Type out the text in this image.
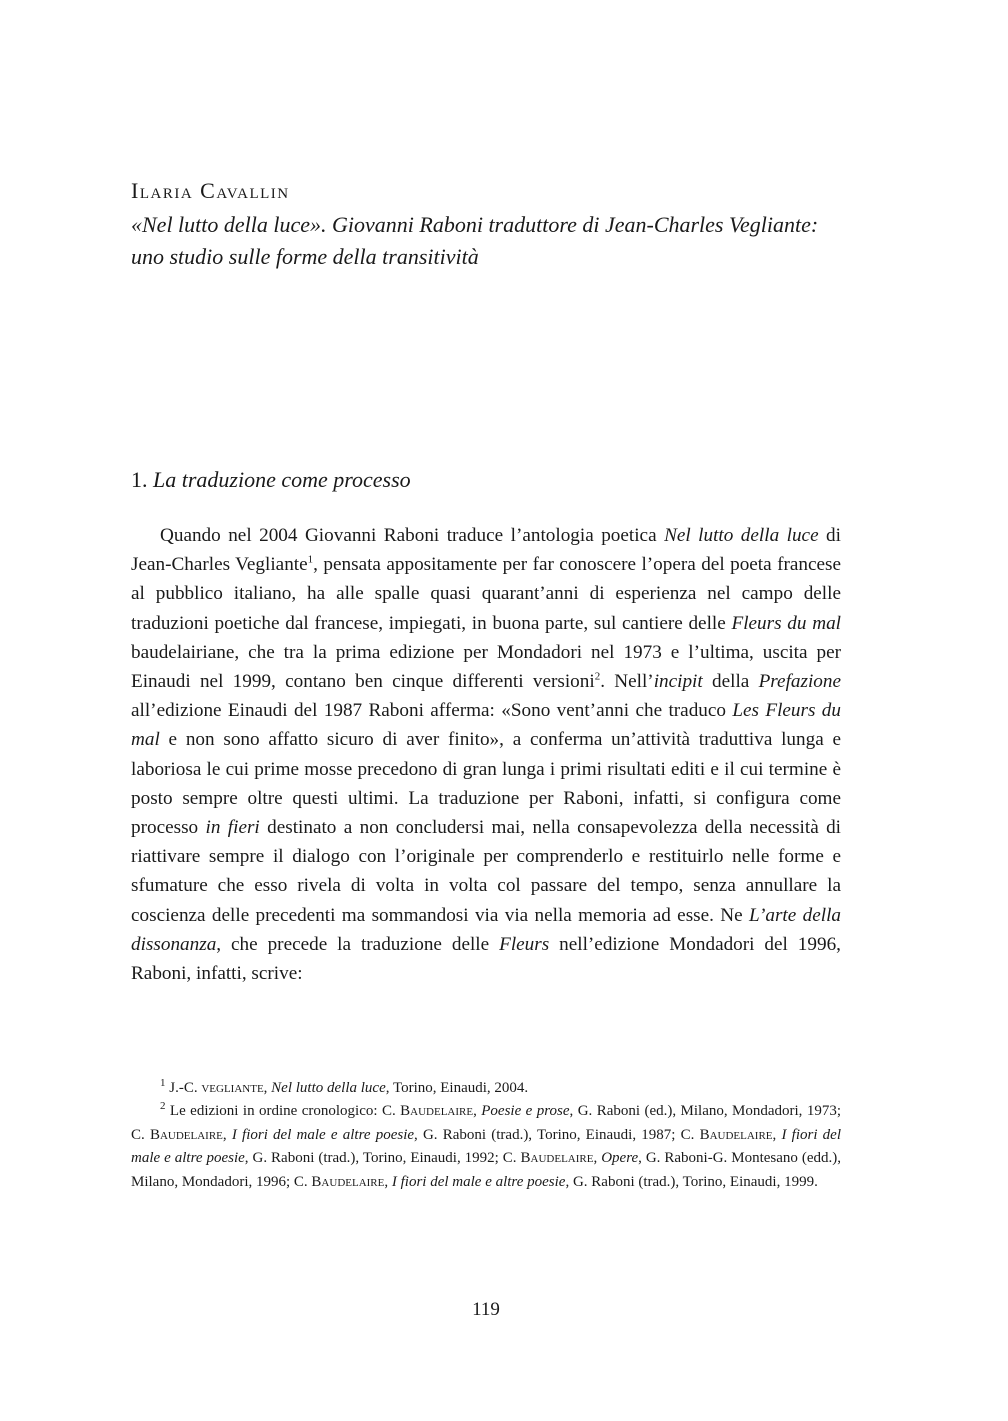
Ilaria Cavallin
«Nel lutto della luce». Giovanni Raboni traduttore di Jean-Charles Vegliante: uno studio sulle forme della transitività
1. La traduzione come processo

Quando nel 2004 Giovanni Raboni traduce l’antologia poetica Nel lutto della luce di Jean-Charles Vegliante$^1$, pensata appositamente per far conoscere l’opera del poeta francese al pubblico italiano, ha alle spalle quasi quarant’anni di esperienza nel campo delle traduzioni poetiche dal francese, impiegati, in buona parte, sul cantiere delle Fleurs du mal baudelairiane, che tra la prima edizione per Mondadori nel 1973 e l’ultima, uscita per Einaudi nel 1999, contano ben cinque differenti versioni$^2$. Nell’incipit della Prefazione all’edizione Einaudi del 1987 Raboni afferma: «Sono vent’anni che traduco Les Fleurs du mal e non sono affatto sicuro di aver finito», a conferma un’attività traduttiva lunga e laboriosa le cui prime mosse precedono di gran lunga i primi risultati editi e il cui termine è posto sempre oltre questi ultimi. La traduzione per Raboni, infatti, si configura come processo in fieri destinato a non concludersi mai, nella consapevolezza della necessità di riattivare sempre il dialogo con l’originale per comprenderlo e restituirlo nelle forme e sfumature che esso rivela di volta in volta col passare del tempo, senza annullare la coscienza delle precedenti ma sommandosi via via nella memoria ad esse. Ne L’arte della dissonanza, che precede la traduzione delle Fleurs nell’edizione Mondadori del 1996, Raboni, infatti, scrive:

$^1$ J.-C. vegliante, Nel lutto della luce, Torino, Einaudi, 2004.

$^2$ Le edizioni in ordine cronologico: C. Baudelaire, Poesie e prose, G. Raboni (ed.), Milano, Mondadori, 1973; C. Baudelaire, I fiori del male e altre poesie, G. Raboni (trad.), Torino, Einaudi, 1987; C. Baudelaire, I fiori del male e altre poesie, G. Raboni (trad.), Torino, Einaudi, 1992; C. Baudelaire, Opere, G. Raboni-G. Montesano (edd.), Milano, Mondadori, 1996; C. Baudelaire, I fiori del male e altre poesie, G. Raboni (trad.), Torino, Einaudi, 1999.

119
